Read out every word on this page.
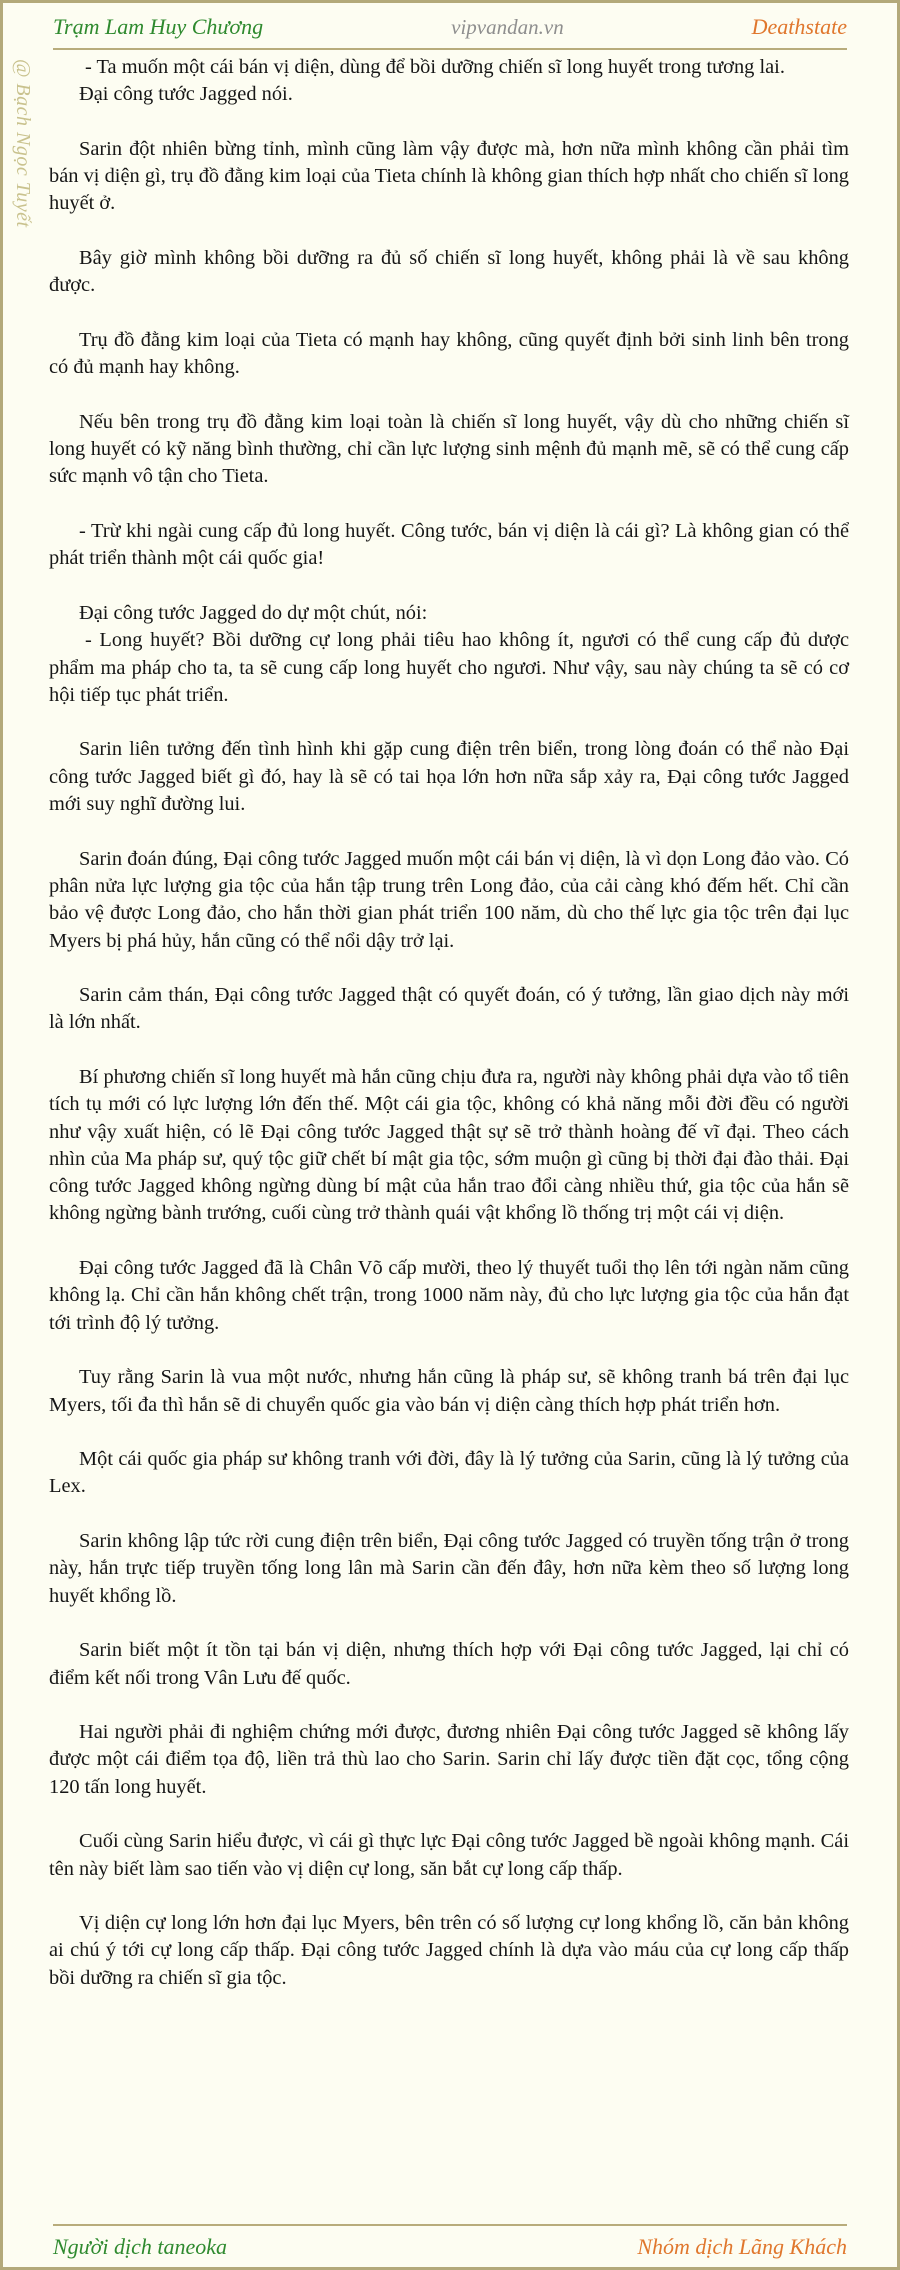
Trạm Lam Huy Chương	vipvandan.vn	Deathstate
@ Bạch Ngọc Tuyết	- Ta muốn một cái bán vị diện, dùng để bồi dưỡng chiến sĩ long huyết trong tương lai.

Đại công tước Jagged nói.

Sarin đột nhiên bừng tỉnh, mình cũng làm vậy được mà, hơn nữa mình không cần phải tìm bán vị diện gì, trụ đồ đằng kim loại của Tieta chính là không gian thích hợp nhất cho chiến sĩ long huyết ở.

Bây giờ mình không bồi dưỡng ra đủ số chiến sĩ long huyết, không phải là về sau không được.

Trụ đồ đằng kim loại của Tieta có mạnh hay không, cũng quyết định bởi sinh linh bên trong có đủ mạnh hay không.

Nếu bên trong trụ đồ đằng kim loại toàn là chiến sĩ long huyết, vậy dù cho những chiến sĩ long huyết có kỹ năng bình thường, chỉ cần lực lượng sinh mệnh đủ mạnh mẽ, sẽ có thể cung cấp sức mạnh vô tận cho Tieta.

- Trừ khi ngài cung cấp đủ long huyết. Công tước, bán vị diện là cái gì? Là không gian có thể phát triển thành một cái quốc gia!

Đại công tước Jagged do dự một chút, nói:

- Long huyết? Bồi dưỡng cự long phải tiêu hao không ít, ngươi có thể cung cấp đủ dược phẩm ma pháp cho ta, ta sẽ cung cấp long huyết cho ngươi. Như vậy, sau này chúng ta sẽ có cơ hội tiếp tục phát triển.

Sarin liên tưởng đến tình hình khi gặp cung điện trên biển, trong lòng đoán có thể nào Đại công tước Jagged biết gì đó, hay là sẽ có tai họa lớn hơn nữa sắp xảy ra, Đại công tước Jagged mới suy nghĩ đường lui.

Sarin đoán đúng, Đại công tước Jagged muốn một cái bán vị diện, là vì dọn Long đảo vào. Có phân nửa lực lượng gia tộc của hắn tập trung trên Long đảo, của cải càng khó đếm hết. Chỉ cần bảo vệ được Long đảo, cho hắn thời gian phát triển 100 năm, dù cho thế lực gia tộc trên đại lục Myers bị phá hủy, hắn cũng có thể nổi dậy trở lại.

Sarin cảm thán, Đại công tước Jagged thật có quyết đoán, có ý tưởng, lần giao dịch này mới là lớn nhất.

Bí phương chiến sĩ long huyết mà hắn cũng chịu đưa ra, người này không phải dựa vào tổ tiên tích tụ mới có lực lượng lớn đến thế. Một cái gia tộc, không có khả năng mỗi đời đều có người như vậy xuất hiện, có lẽ Đại công tước Jagged thật sự sẽ trở thành hoàng đế vĩ đại. Theo cách nhìn của Ma pháp sư, quý tộc giữ chết bí mật gia tộc, sớm muộn gì cũng bị thời đại đào thải. Đại công tước Jagged không ngừng dùng bí mật của hắn trao đổi càng nhiều thứ, gia tộc của hắn sẽ không ngừng bành trướng, cuối cùng trở thành quái vật khổng lồ thống trị một cái vị diện.

Đại công tước Jagged đã là Chân Võ cấp mười, theo lý thuyết tuổi thọ lên tới ngàn năm cũng không lạ. Chỉ cần hắn không chết trận, trong 1000 năm này, đủ cho lực lượng gia tộc của hắn đạt tới trình độ lý tưởng.

Tuy rằng Sarin là vua một nước, nhưng hắn cũng là pháp sư, sẽ không tranh bá trên đại lục Myers, tối đa thì hắn sẽ di chuyển quốc gia vào bán vị diện càng thích hợp phát triển hơn.

Một cái quốc gia pháp sư không tranh với đời, đây là lý tưởng của Sarin, cũng là lý tưởng của Lex.

Sarin không lập tức rời cung điện trên biển, Đại công tước Jagged có truyền tống trận ở trong này, hắn trực tiếp truyền tống long lân mà Sarin cần đến đây, hơn nữa kèm theo số lượng long huyết khổng lồ.

Sarin biết một ít tồn tại bán vị diện, nhưng thích hợp với Đại công tước Jagged, lại chỉ có điểm kết nối trong Vân Lưu đế quốc.

Hai người phải đi nghiệm chứng mới được, đương nhiên Đại công tước Jagged sẽ không lấy được một cái điểm tọa độ, liền trả thù lao cho Sarin. Sarin chỉ lấy được tiền đặt cọc, tổng cộng 120 tấn long huyết.

Cuối cùng Sarin hiểu được, vì cái gì thực lực Đại công tước Jagged bề ngoài không mạnh. Cái tên này biết làm sao tiến vào vị diện cự long, săn bắt cự long cấp thấp.

Vị diện cự long lớn hơn đại lục Myers, bên trên có số lượng cự long khổng lồ, căn bản không ai chú ý tới cự long cấp thấp. Đại công tước Jagged chính là dựa vào máu của cự long cấp thấp bồi dưỡng ra chiến sĩ gia tộc.

Người dịch taneoka	Nhóm dịch Lãng Khách
